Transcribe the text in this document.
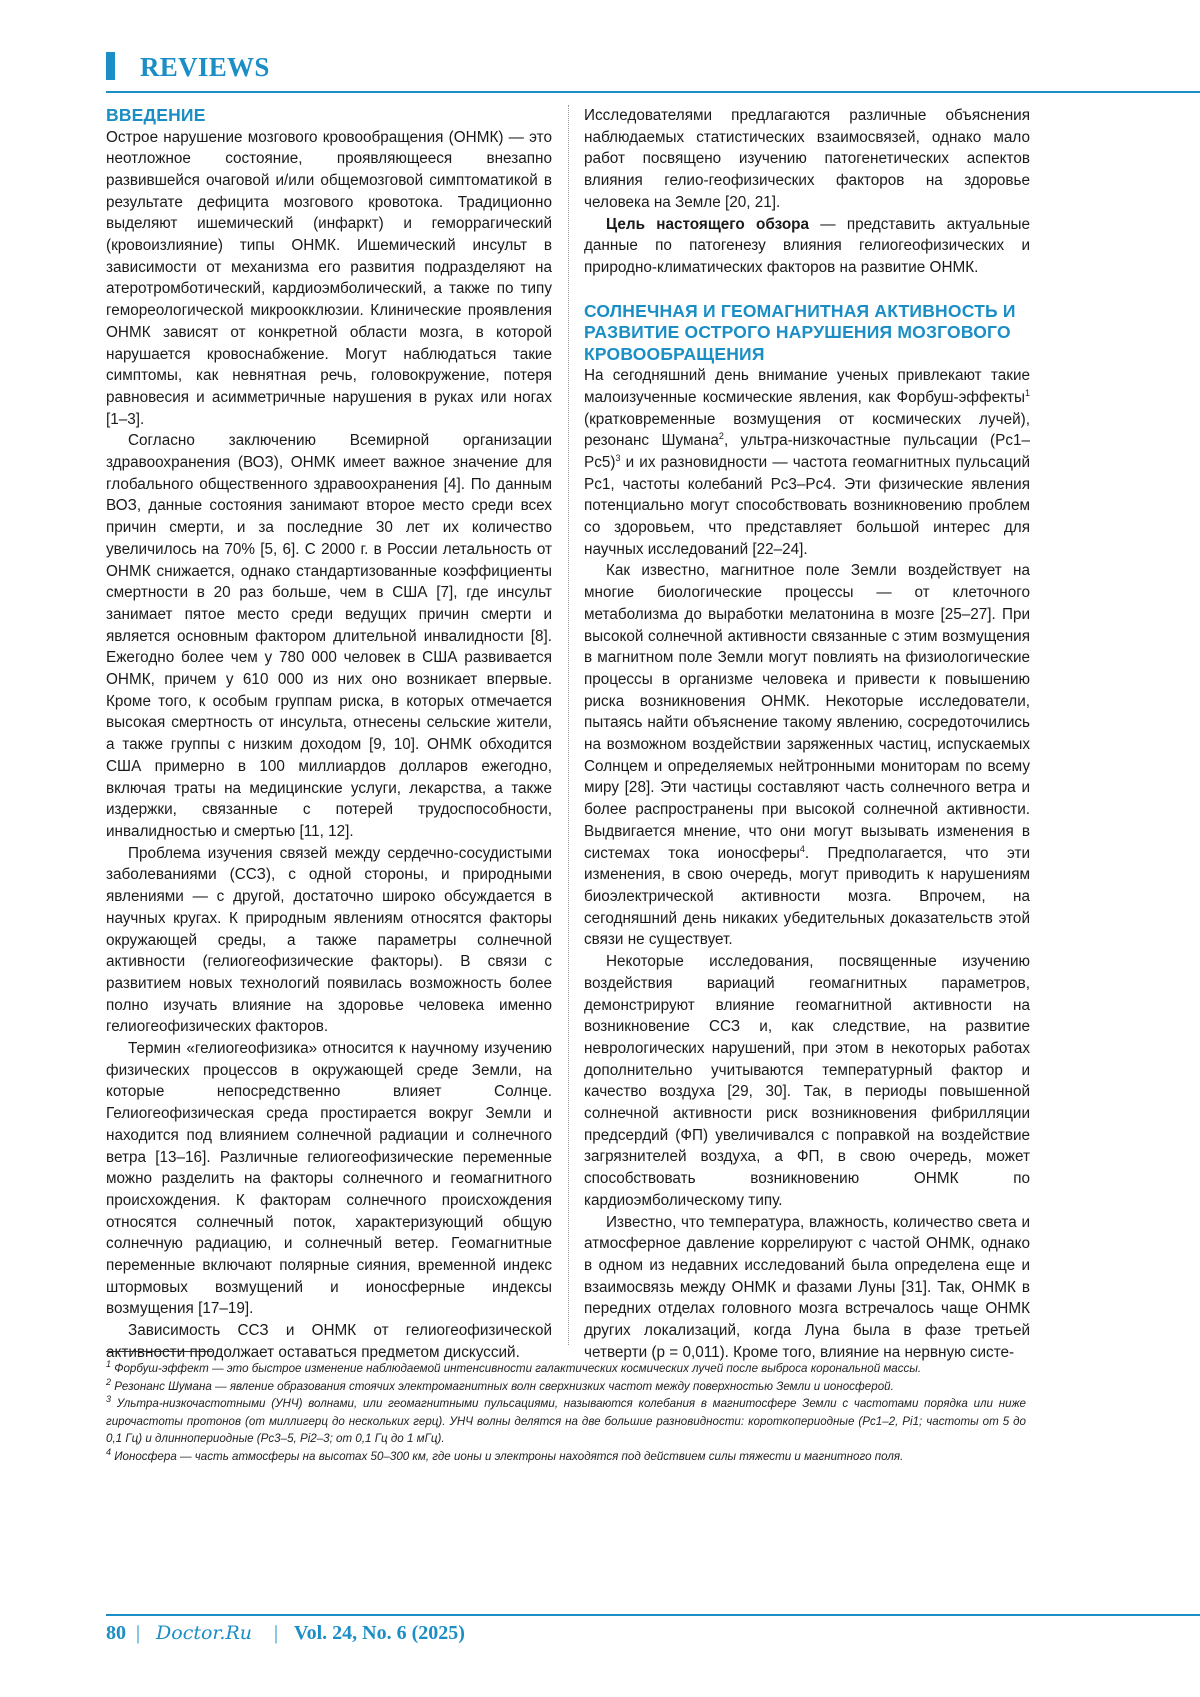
REVIEWS
ВВЕДЕНИЕ

Острое нарушение мозгового кровообращения (ОНМК) — это неотложное состояние, проявляющееся внезапно развившейся очаговой и/или общемозговой симптоматикой в результате дефицита мозгового кровотока. Традиционно выделяют ишемический (инфаркт) и геморрагический (кровоизлияние) типы ОНМК. Ишемический инсульт в зависимости от механизма его развития подразделяют на атеротромботический, кардиоэмболический, а также по типу гемореологической микроокклюзии. Клинические проявления ОНМК зависят от конкретной области мозга, в которой нарушается кровоснабжение. Могут наблюдаться такие симптомы, как невнятная речь, головокружение, потеря равновесия и асимметричные нарушения в руках или ногах [1–3].

Согласно заключению Всемирной организации здравоохранения (ВОЗ), ОНМК имеет важное значение для глобального общественного здравоохранения [4]. По данным ВОЗ, данные состояния занимают второе место среди всех причин смерти, и за последние 30 лет их количество увеличилось на 70% [5, 6]. С 2000 г. в России летальность от ОНМК снижается, однако стандартизованные коэффициенты смертности в 20 раз больше, чем в США [7], где инсульт занимает пятое место среди ведущих причин смерти и является основным фактором длительной инвалидности [8]. Ежегодно более чем у 780 000 человек в США развивается ОНМК, причем у 610 000 из них оно возникает впервые. Кроме того, к особым группам риска, в которых отмечается высокая смертность от инсульта, отнесены сельские жители, а также группы с низким доходом [9, 10]. ОНМК обходится США примерно в 100 миллиардов долларов ежегодно, включая траты на медицинские услуги, лекарства, а также издержки, связанные с потерей трудоспособности, инвалидностью и смертью [11, 12].

Проблема изучения связей между сердечно-сосудистыми заболеваниями (ССЗ), с одной стороны, и природными явлениями — с другой, достаточно широко обсуждается в научных кругах. К природным явлениям относятся факторы окружающей среды, а также параметры солнечной активности (гелиогеофизические факторы). В связи с развитием новых технологий появилась возможность более полно изучать влияние на здоровье человека именно гелиогеофизических факторов.

Термин «гелиогеофизика» относится к научному изучению физических процессов в окружающей среде Земли, на которые непосредственно влияет Солнце. Гелиогеофизическая среда простирается вокруг Земли и находится под влиянием солнечной радиации и солнечного ветра [13–16]. Различные гелиогеофизические переменные можно разделить на факторы солнечного и геомагнитного происхождения. К факторам солнечного происхождения относятся солнечный поток, характеризующий общую солнечную радиацию, и солнечный ветер. Геомагнитные переменные включают полярные сияния, временной индекс штормовых возмущений и ионосферные индексы возмущения [17–19].

Зависимость ССЗ и ОНМК от гелиогеофизической активности продолжает оставаться предметом дискуссий.

Исследователями предлагаются различные объяснения наблюдаемых статистических взаимосвязей, однако мало работ посвящено изучению патогенетических аспектов влияния гелио-геофизических факторов на здоровье человека на Земле [20, 21].

Цель настоящего обзора — представить актуальные данные по патогенезу влияния гелиогеофизических и природно-климатических факторов на развитие ОНМК.

СОЛНЕЧНАЯ И ГЕОМАГНИТНАЯ АКТИВНОСТЬ И РАЗВИТИЕ ОСТРОГО НАРУШЕНИЯ МОЗГОВОГО КРОВООБРАЩЕНИЯ

На сегодняшний день внимание ученых привлекают такие малоизученные космические явления, как Форбуш-эффекты1 (кратковременные возмущения от космических лучей), резонанс Шумана2, ультра-низкочастные пульсации (Pc1–Pc5)3 и их разновидности — частота геомагнитных пульсаций Pc1, частоты колебаний Pc3–Pc4. Эти физические явления потенциально могут способствовать возникновению проблем со здоровьем, что представляет большой интерес для научных исследований [22–24].

Как известно, магнитное поле Земли воздействует на многие биологические процессы — от клеточного метаболизма до выработки мелатонина в мозге [25–27]. При высокой солнечной активности связанные с этим возмущения в магнитном поле Земли могут повлиять на физиологические процессы в организме человека и привести к повышению риска возникновения ОНМК. Некоторые исследователи, пытаясь найти объяснение такому явлению, сосредоточились на возможном воздействии заряженных частиц, испускаемых Солнцем и определяемых нейтронными мониторам по всему миру [28]. Эти частицы составляют часть солнечного ветра и более распространены при высокой солнечной активности. Выдвигается мнение, что они могут вызывать изменения в системах тока ионосферы4. Предполагается, что эти изменения, в свою очередь, могут приводить к нарушениям биоэлектрической активности мозга. Впрочем, на сегодняшний день никаких убедительных доказательств этой связи не существует.

Некоторые исследования, посвященные изучению воздействия вариаций геомагнитных параметров, демонстрируют влияние геомагнитной активности на возникновение ССЗ и, как следствие, на развитие неврологических нарушений, при этом в некоторых работах дополнительно учитываются температурный фактор и качество воздуха [29, 30]. Так, в периоды повышенной солнечной активности риск возникновения фибрилляции предсердий (ФП) увеличивался с поправкой на воздействие загрязнителей воздуха, а ФП, в свою очередь, может способствовать возникновению ОНМК по кардиоэмболическому типу.

Известно, что температура, влажность, количество света и атмосферное давление коррелируют с частой ОНМК, однако в одном из недавних исследований была определена еще и взаимосвязь между ОНМК и фазами Луны [31]. Так, ОНМК в передних отделах головного мозга встречалось чаще ОНМК других локализаций, когда Луна была в фазе третьей четверти (p = 0,011). Кроме того, влияние на нервную систе-

1 Форбуш-эффект — это быстрое изменение наблюдаемой интенсивности галактических космических лучей после выброса корональной массы.
2 Резонанс Шумана — явление образования стоячих электромагнитных волн сверхнизких частот между поверхностью Земли и ионосферой.
3 Ультра-низкочастотными (УНЧ) волнами, или геомагнитными пульсациями, называются колебания в магнитосфере Земли с частотами порядка или ниже гирочастоты протонов (от миллигерц до нескольких герц). УНЧ волны делятся на две большие разновидности: короткопериодные (Pc1–2, Pi1; частоты от 5 до 0,1 Гц) и длиннопериодные (Pc3–5, Pi2–3; от 0,1 Гц до 1 мГц).
4 Ионосфера — часть атмосферы на высотах 50–300 км, где ионы и электроны находятся под действием силы тяжести и магнитного поля.
80 | Doctor.Ru | Vol. 24, No. 6 (2025)
